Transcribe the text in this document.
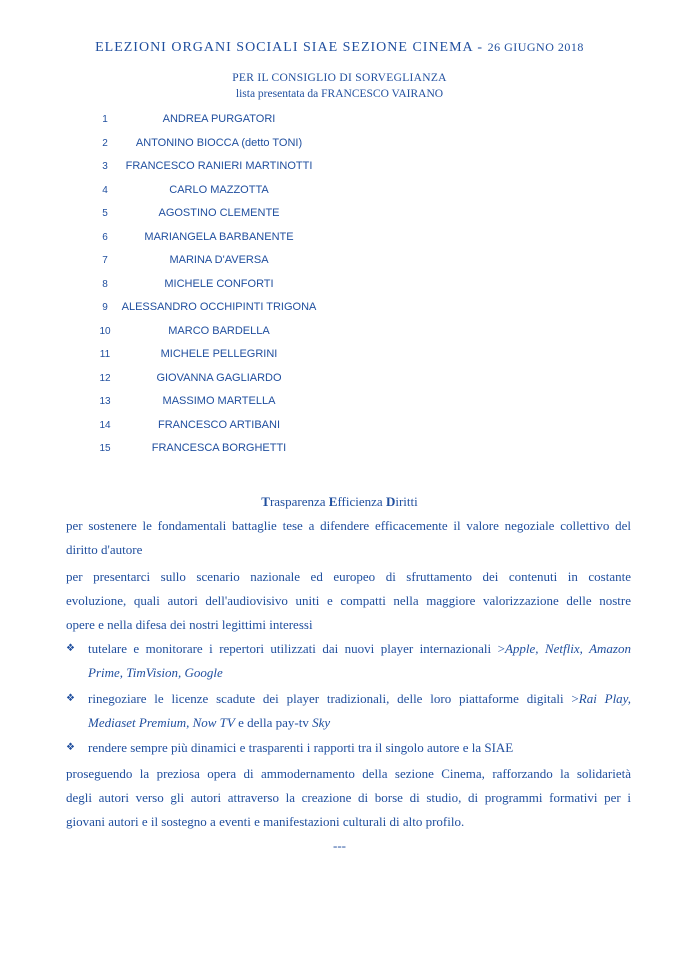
ELEZIONI ORGANI SOCIALI SIAE SEZIONE CINEMA - 26 GIUGNO 2018
PER IL CONSIGLIO DI SORVEGLIANZA
lista presentata da FRANCESCO VAIRANO
1	ANDREA PURGATORI
2	ANTONINO BIOCCA (detto TONI)
3	FRANCESCO RANIERI MARTINOTTI
4	CARLO MAZZOTTA
5	AGOSTINO CLEMENTE
6	MARIANGELA BARBANENTE
7	MARINA D'AVERSA
8	MICHELE CONFORTI
9	ALESSANDRO OCCHIPINTI TRIGONA
10	MARCO BARDELLA
11	MICHELE PELLEGRINI
12	GIOVANNA GAGLIARDO
13	MASSIMO MARTELLA
14	FRANCESCO ARTIBANI
15	FRANCESCA BORGHETTI
Trasparenza Efficienza Diritti
per sostenere le fondamentali battaglie tese a difendere efficacemente il valore negoziale collettivo del
diritto d'autore
per presentarci sullo scenario nazionale ed europeo di sfruttamento dei contenuti in costante
evoluzione, quali autori dell'audiovisivo uniti e compatti nella maggiore valorizzazione delle nostre
opere e nella difesa dei nostri legittimi interessi
❖	tutelare e monitorare i repertori utilizzati dai nuovi player internazionali >Apple, Netflix, Amazon
Prime, TimVision, Google
❖	rinegoziare le licenze scadute dei player tradizionali, delle loro piattaforme digitali >Rai Play,
Mediaset Premium, Now TV e della pay-tv Sky
❖	rendere sempre più dinamici e trasparenti i rapporti tra il singolo autore e la SIAE
proseguendo la preziosa opera di ammodernamento della sezione Cinema, rafforzando la solidarietà
degli autori verso gli autori attraverso la creazione di borse di studio, di programmi formativi per i
giovani autori e il sostegno a eventi e manifestazioni culturali di alto profilo.
---
